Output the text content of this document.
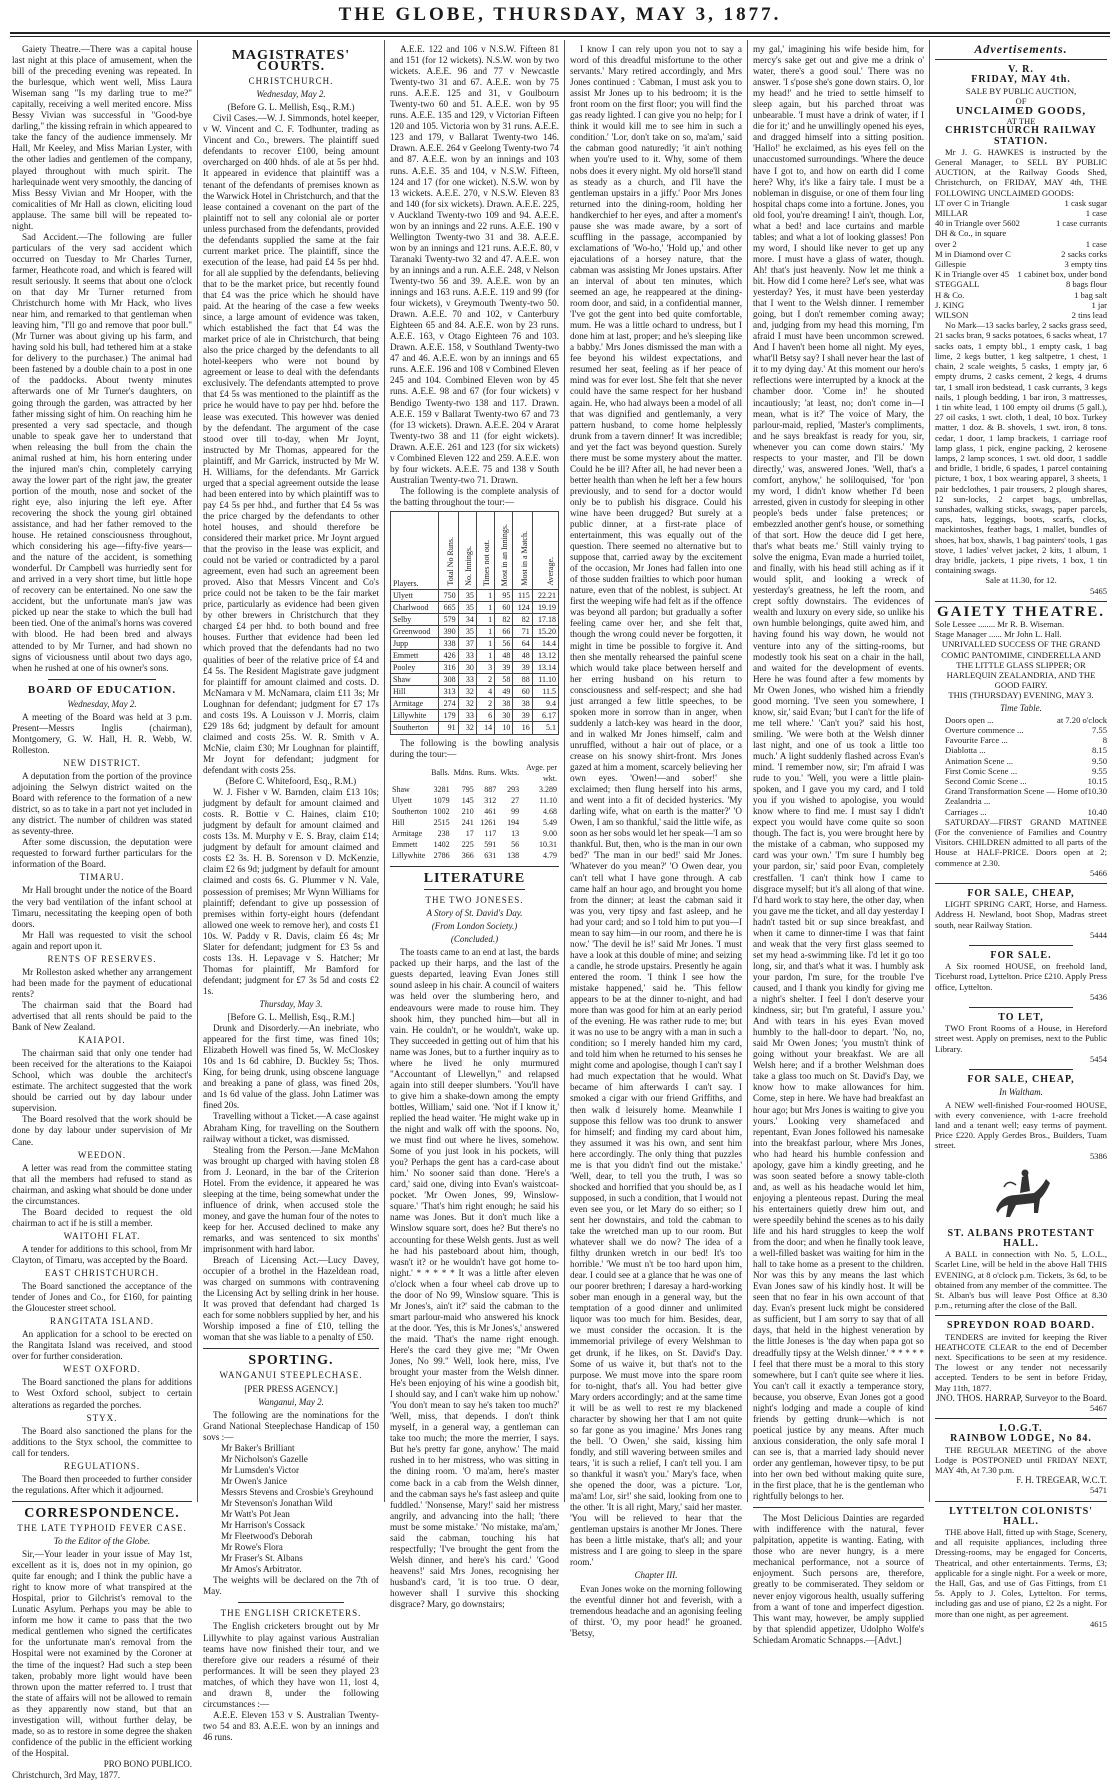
THE GLOBE, THURSDAY, MAY 3, 1877.

Gaiety Theatre.—There was a capital house last night at this place of amusement, when the bill of the preceding evening was repeated. In the burlesque, which went well, Miss Laura Wiseman sang "Is my darling true to me?" capitally, receiving a well merited encore. Miss Bessy Vivian was successful in "Good-bye darling," the kissing refrain in which appeared to take the fancy of the audience immensely. Mr Hall, Mr Keeley, and Miss Marian Lyster, with the other ladies and gentlemen of the company, played throughout with much spirit. The harlequinade went very smoothly, the dancing of Miss Bessy Vivian and Mr Hooper, with the comicalities of Mr Hall as clown, eliciting loud applause. The same bill will be repeated to-night.

Sad Accident.—The following are fuller particulars of the very sad accident which occurred on Tuesday to Mr Charles Turner, farmer, Heathcote road, and which is feared will result seriously. It seems that about one o'clock on that day Mr Turner returned from Christchurch home with Mr Hack, who lives near him, and remarked to that gentleman when leaving him, "I'll go and remove that poor bull." (Mr Turner was about giving up his farm, and having sold his bull, had tethered him at a stake for delivery to the purchaser.) The animal had been fastened by a double chain to a post in one of the paddocks. About twenty minutes afterwards one of Mr Turner's daughters, on going through the garden, was attracted by her father missing sight of him. On reaching him he presented a very sad spectacle, and though unable to speak gave her to understand that when releasing the bull from the chain the animal rushed at him, his horn entering under the injured man's chin, completely carrying away the lower part of the right jaw, the greater portion of the mouth, nose and socket of the right eye, also injuring the left eye. After recovering the shock the young girl obtained assistance, and had her father removed to the house. He retained consciousness throughout, which considering his age—fifty-five years—and the nature of the accident, is something wonderful. Dr Campbell was hurriedly sent for and arrived in a very short time, but little hope of recovery can be entertained. No one saw the accident, but the unfortunate man's jaw was picked up near the stake to which the bull had been tied. One of the animal's horns was covered with blood. He had been bred and always attended to by Mr Turner, and had shown no signs of viciousness until about two days ago, when he rushed at one of his owner's sons.

BOARD OF EDUCATION.
Wednesday, May 2.

A meeting of the Board was held at 3 p.m. Present—Messrs Inglis (chairman), Montgomery, G. W. Hall, H. R. Webb, W. Rolleston.

NEW DISTRICT.

A deputation from the portion of the province adjoining the Selwyn district waited on the Board with reference to the formation of a new district, so as to take in a part not yet included in any district. The number of children was stated as seventy-three.

After some discussion, the deputation were requested to forward further particulars for the information of the Board.

TIMARU.

Mr Hall brought under the notice of the Board the very bad ventilation of the infant school at Timaru, necessitating the keeping open of both doors.

Mr Hall was requested to visit the school again and report upon it.

RENTS OF RESERVES.

Mr Rolleston asked whether any arrangement had been made for the payment of educational rents?

The chairman said that the Board had advertised that all rents should be paid to the Bank of New Zealand.

KAIAPOI.

The chairman said that only one tender had been received for the alterations to the Kaiapoi School, which was double the architect's estimate. The architect suggested that the work should be carried out by day labour under supervision.

The Board resolved that the work should be done by day labour under supervision of Mr Cane.

WEEDON.

A letter was read from the committee stating that all the members had refused to stand as chairman, and asking what should be done under the circumstances.

The Board decided to request the old chairman to act if he is still a member.

WAITOHI FLAT.

A tender for additions to this school, from Mr Clayton, of Timaru, was accepted by the Board.

EAST CHRISTCHURCH.

The Board sanctioned the acceptance of the tender of Jones and Co., for £160, for painting the Gloucester street school.

RANGITATA ISLAND.

An application for a school to be erected on the Rangitata Island was received, and stood over for further consideration.

WEST OXFORD.

The Board sanctioned the plans for additions to West Oxford school, subject to certain alterations as regarded the porches.

STYX.

The Board also sanctioned the plans for the additions to the Styx school, the committee to call for tenders.

REGULATIONS.

The Board then proceeded to further consider the regulations. After which it adjourned.

CORRESPONDENCE.
THE LATE TYPHOID FEVER CASE.
To the Editor of the Globe.

Sir,—Your leader in your issue of May 1st, excellent as it is, does not in my opinion, go quite far enough; and I think the public have a right to know more of what transpired at the Hospital, prior to Gilchrist's removal to the Lunatic Asylum. Perhaps you may be able to inform me how it came to pass that the two medical gentlemen who signed the certificates for the unfortunate man's removal from the Hospital were not examined by the Coroner at the time of the inquest? Had such a step been taken, probably more light would have been thrown upon the matter referred to. I trust that the state of affairs will not be allowed to remain as they apparently now stand, but that an investigation will, without further delay, be made, so as to restore in some degree the shaken confidence of the public in the efficient working of the Hospital.

PRO BONO PUBLICO.

Christchurch, 3rd May, 1877.

MAGISTRATES' COURTS.
CHRISTCHURCH.
Wednesday, May 2.
(Before G. L. Mellish, Esq., R.M.)

Civil Cases.—W. J. Simmonds, hotel keeper, v W. Vincent and C. F. Todhunter, trading as Vincent and Co., brewers. The plaintiff sued defendants to recover £100, being amount overcharged on 400 hhds. of ale at 5s per hhd. It appeared in evidence that plaintiff was a tenant of the defendants of premises known as the Warwick Hotel in Christchurch, and that the lease contained a covenant on the part of the plaintiff not to sell any colonial ale or porter unless purchased from the defendants, provided the defendants supplied the same at the fair current market price. The plaintiff, since the execution of the lease, had paid £4 5s per hhd. for all ale supplied by the defendants, believing that to be the market price, but recently found that £4 was the price which he should have paid. At the hearing of the case a few weeks since, a large amount of evidence was taken, which established the fact that £4 was the market price of ale in Christchurch, that being also the price charged by the defendants to all hotel-keepers who were not bound by agreement or lease to deal with the defendants exclusively. The defendants attempted to prove that £4 5s was mentioned to the plaintiff as the price he would have to pay per hhd. before the lease was executed. This however was denied by the defendant. The argument of the case stood over till to-day, when Mr Joynt, instructed by Mr Thomas, appeared for the plaintiff, and Mr Garrick, instructed by Mr W. H. Williams, for the defendants. Mr Garrick urged that a special agreement outside the lease had been entered into by which plaintiff was to pay £4 5s per hhd., and further that £4 5s was the price charged by the defendants to other hotel houses, and should therefore be considered their market price. Mr Joynt argued that the proviso in the lease was explicit, and could not be varied or contradicted by a parol agreement, even had such an agreement been proved. Also that Messrs Vincent and Co's price could not be taken to be the fair market price, particularly as evidence had been given by other brewers in Christchurch that they charged £4 per hhd. to both bound and free houses. Further that evidence had been led which proved that the defendants had no two qualities of beer of the relative price of £4 and £4 5s. The Resident Magistrate gave judgment for plaintiff for amount claimed and costs. D. McNamara v M. McNamara, claim £11 3s; Mr Loughnan for defendant; judgment for £7 17s and costs 19s. A Louisson v J. Morris, claim £29 18s 6d; judgment by default for amount claimed and costs 25s. W. R. Smith v A. McNie, claim £30; Mr Loughnan for plaintiff, Mr Joynt for defendant; judgment for defendant with costs 25s.

(Before C. Whitefoord, Esq., R.M.)

W. J. Fisher v W. Barnden, claim £13 10s; judgment by default for amount claimed and costs. R. Bottie v C. Haines, claim £10; judgment by default for amount claimed and costs 13s. M. Murphy v E. S. Bray, claim £14; judgment by default for amount claimed and costs £2 3s. H. B. Sorenson v D. McKenzie, claim £2 6s 9d; judgment by default for amount claimed and costs 6s. G. Plummer v N. Vale, possession of premises; Mr Wynn Williams for plaintiff; defendant to give up possession of premises within forty-eight hours (defendant allowed one week to remove her), and costs £1 10s. W. Paddy v R. Davis, claim £6 4s; Mr Slater for defendant; judgment for £3 5s and costs 13s. H. Lepavage v S. Hatcher; Mr Thomas for plaintiff, Mr Bamford for defendant; judgment for £7 3s 5d and costs £2 1s.

Thursday, May 3.
[Before G. L. Mellish, Esq., R.M.]

Drunk and Disorderly.—An inebriate, who appeared for the first time, was fined 10s; Elizabeth Howell was fined 5s, W. McCloskey 10s and 1s 6d cabhire, D. Buckley 5s; Thos. King, for being drunk, using obscene language and breaking a pane of glass, was fined 20s, and 1s 6d value of the glass. John Latimer was fined 20s.

Travelling without a Ticket.—A case against Abraham King, for travelling on the Southern railway without a ticket, was dismissed.

Stealing from the Person.—Jane McMahon was brought up charged with having stolen £8 from J. Leonard, in the bar of the Criterion Hotel. From the evidence, it appeared he was sleeping at the time, being somewhat under the influence of drink, when accused stole the money, and gave the human four of the notes to keep for her. Accused declined to make any remarks, and was sentenced to six months' imprisonment with hard labor.

Breach of Licensing Act.—Lucy Davey, occupier of a brothel in the Hazeldean road, was charged on summons with contravening the Licensing Act by selling drink in her house. It was proved that defendant had charged 1s each for some nobblers supplied by her, and his Worship imposed a fine of £10, telling the woman that she was liable to a penalty of £50.

SPORTING.
WANGANUI STEEPLECHASE.
[PER PRESS AGENCY.]
Wanganui, May 2.

The following are the nominations for the Grand National Steeplechase Handicap of 150 sovs :—

Mr Baker's Brilliant
Mr Nicholson's Gazelle
Mr Lumsden's Victor
Mr Owen's Janice
Messrs Stevens and Crosbie's Greyhound
Mr Stevenson's Jonathan Wild
Mr Watt's Pot Jean
Mr Harrison's Cossack
Mr Fleetwood's Deborah
Mr Rowe's Flora
Mr Fraser's St. Albans
Mr Amos's Arbitrator.

The weights will be declared on the 7th of May.

THE ENGLISH CRICKETERS.

The English cricketers brought out by Mr Lillywhite to play against various Australian teams have now finished their tour, and we therefore give our readers a résumé of their performances. It will be seen they played 23 matches, of which they have won 11, lost 4, and drawn 8, under the following circumstances :—

A.E.E. Eleven 153 v S. Australian Twenty-two 54 and 83. A.E.E. won by an innings and 46 runs.

A.E.E. 122 and 106 v N.S.W. Fifteen 81 and 151 (for 12 wickets). N.S.W. won by two wickets. A.E.E. 96 and 77 v Newcastle Twenty-two 31 and 67. A.E.E. won by 75 runs. A.E.E. 125 and 31, v Goulbourn Twenty-two 60 and 51. A.E.E. won by 95 runs. A.E.E. 135 and 129, v Victorian Fifteen 120 and 105. Victoria won by 31 runs. A.E.E. 123 and 179, v Ballarat Twenty-two 146. Drawn. A.E.E. 264 v Geelong Twenty-two 74 and 87. A.E.E. won by an innings and 103 runs. A.E.E. 35 and 104, v N.S.W. Fifteen, 124 and 17 (for one wicket). N.S.W. won by 13 wickets. A.E.E. 270, v N.S.W. Eleven 83 and 140 (for six wickets). Drawn. A.E.E. 225, v Auckland Twenty-two 109 and 94. A.E.E. won by an innings and 22 runs. A.E.E. 190 v Wellington Twenty-two 31 and 38. A.E.E. won by an innings and 121 runs. A.E.E. 80, v Taranaki Twenty-two 32 and 47. A.E.E. won by an innings and a run. A.E.E. 248, v Nelson Twenty-two 56 and 39. A.E.E. won by an innings and 163 runs. A.E.E. 119 and 99 (for four wickets), v Greymouth Twenty-two 50. Drawn. A.E.E. 70 and 102, v Canterbury Eighteen 65 and 84. A.E.E. won by 23 runs. A.E.E. 163, v Otago Eighteen 76 and 103. Drawn. A.E.E. 158, v Southland Twenty-two 47 and 46. A.E.E. won by an innings and 65 runs. A.E.E. 196 and 108 v Combined Eleven 245 and 104. Combined Eleven won by 45 runs. A.E.E. 98 and 67 (for four wickets) v Bendigo Twenty-two 138 and 117. Drawn. A.E.E. 159 v Ballarat Twenty-two 67 and 73 (for 13 wickets). Drawn. A.E.E. 204 v Ararat Twenty-two 38 and 11 (for eight wickets). Drawn. A.E.E. 261 and 123 (for six wickets) v Combined Eleven 122 and 259. A.E.E. won by four wickets. A.E.E. 75 and 138 v South Australian Twenty-two 71. Drawn.

The following is the complete analysis of the batting throughout the tour:—

Players.	Total No Runs.	No. Innings.	Times not out.	Most in an Innings.	Most in a Match.	Average.
Ulyett	750	35	1	95	115	22.21
Charlwood	665	35	1	60	124	19.19
Selby	579	34	1	82	82	17.18
Greenwood	390	35	1	66	71	15.20
Jupp	338	37	1	56	64	14.4
Emmett	426	33	1	48	48	13.12
Pooley	316	30	3	39	39	13.14
Shaw	308	33	2	58	88	11.10
Hill	313	32	4	49	60	11.5
Armitage	274	32	2	38	38	9.4
Lillywhite	179	33	6	30	39	6.17
Southerton	91	32	14	10	16	5.1

The following is the bowling analysis during the tour:—

	Balls.	Mdns.	Runs.	Wkts.	Avge. per wkt.
Shaw	3281	795	887	293	3.289
Ulyett	1079	145	312	27	11.10
Southerton	1002	210	461	99	4.68
Hill	2515	241	1261	194	5.49
Armitage	238	17	117	13	9.00
Emmett	1402	225	591	56	10.31
Lillywhite	2786	366	631	138	4.79
LITERATURE
THE TWO JONESES.
A Story of St. David's Day.
(From London Society.)
(Concluded.)

The toasts came to an end at last, the bards packed up their harps, and the last of the guests departed, leaving Evan Jones still sound asleep in his chair. A council of waiters was held over the slumbering hero, and endeavours were made to rouse him. They shook him, they punched him—but all in vain. He couldn't, or he wouldn't, wake up. They succeeded in getting out of him that his name was Jones, but to a further inquiry as to where he lived he only murmured "Accountant of Llewellyn," and relapsed again into still deeper slumbers. 'You'll have to give him a shake-down among the empty bottles, William,' said one. 'Not if I know it,' replied the head waiter. 'He might wake up in the night and walk off with the spoons. No, we must find out where he lives, somehow. Some of you just look in his pockets, will you? Perhaps the gent has a card-case about him.' No sooner said than done. 'Here's a card,' said one, diving into Evan's waistcoat-pocket. 'Mr Owen Jones, 99, Winslow-square.' 'That's him right enough; he said his name was Jones. But it don't much like a Winslow square sort, does he? But there's no accounting for these Welsh gents. Just as well he had his pasteboard about him, though, wasn't it? or he wouldn't have got home to-night.' * * * * * It was a little after eleven o'clock when a four wheel cab drove up to the door of No 99, Winslow square. 'This is Mr Jones's, ain't it?' said the cabman to the smart parlour-maid who answered his knock at the door. 'Yes, this is Mr Jones's,' answered the maid. 'That's the name right enough. Here's the card they give me; "Mr Owen Jones, No 99." Well, look here, miss, I've brought your master from the Welsh dinner. He's been enjoying of his wine a goodish bit, I should say, and I can't wake him up nohow.' 'You don't mean to say he's taken too much?' 'Well, miss, that depends. I don't think myself, in a general way, a gentleman can take too much; the more the merrier, I says. But he's pretty far gone, anyhow.' The maid rushed in to her mistress, who was sitting in the dining room. 'O ma'am, here's master come back in a cab from the Welsh dinner, and the cabman says he's fast asleep and quite fuddled.' 'Nonsense, Mary!' said her mistress angrily, and advancing into the hall; 'there must be some mistake.' 'No mistake, ma'am,' said the cabman, touching his hat respectfully; 'I've brought the gent from the Welsh dinner, and here's his card.' 'Good heavens!' said Mrs Jones, recognising her husband's card, 'it is too true. O dear, however shall I survive this shocking disgrace? Mary, go downstairs;

I know I can rely upon you not to say a word of this dreadful misfortune to the other servants.' Mary retired accordingly, and Mrs Jones continued : 'Cabman, I must ask you to assist Mr Jones up to his bedroom; it is the front room on the first floor; you will find the gas ready lighted. I can give you no help; for I think it would kill me to see him in such a condition.' 'Lor, don't take on so, ma'am,' said the cabman good naturedly; 'it ain't nothing when you're used to it. Why, some of them nobs does it every night. My old horse'll stand as steady as a church, and I'll have the gentleman upstairs in a jiffy.' Poor Mrs Jones returned into the dining-room, holding her handkerchief to her eyes, and after a moment's pause she was made aware, by a sort of scuffling in the passage, accompanied by exclamations of 'Wo-ho,' 'Hold up,' and other ejaculations of a horsey nature, that the cabman was assisting Mr Jones upstairs. After an interval of about ten minutes, which seemed an age, he reappeared at the dining-room door, and said, in a confidential manner, 'I've got the gent into bed quite comfortable, mum. He was a little ochard to undress, but I done him at last, proper; and he's sleeping like a babby.' Mrs Jones dismissed the man with a fee beyond his wildest expectations, and resumed her seat, feeling as if her peace of mind was for ever lost. She felt that she never could have the same respect for her husband again. He, who had always been a model of all that was dignified and gentlemanly, a very pattern husband, to come home helplessly drunk from a tavern dinner! It was incredible; and yet the fact was beyond question. Surely there must be some mystery about the matter. Could he be ill? After all, he had never been a better health than when he left her a few hours previously, and to send for a doctor would only be to publish his disgrace. Could his wine have been drugged? But surely at a public dinner, at a first-rate place of entertainment, this was equally out of the question. There seemed no alternative but to suppose that, carried away by the excitement of the occasion, Mr Jones had fallen into one of those sudden frailties to which poor human nature, even that of the noblest, is subject. At first the weeping wife had felt as if the offence was beyond all pardon; but gradually a softer feeling came over her, and she felt that, though the wrong could never be forgotten, it might in time be possible to forgive it. And then she mentally rehearsed the painful scene which would take place between herself and her erring husband on his return to consciousness and self-respect; and she had just arranged a few little speeches, to be spoken more in sorrow than in anger, when suddenly a latch-key was heard in the door, and in walked Mr Jones himself, calm and unruffled, without a hair out of place, or a crease on his snowy shirt-front. Mrs Jones gazed at him a moment, scarcely believing her own eyes. 'Owen!—and sober!' she exclaimed; then flung herself into his arms, and went into a fit of decided hysterics. 'My darling wife, what on earth is the matter?' 'O Owen, I am so thankful,' said the little wife, as soon as her sobs would let her speak—'I am so thankful. But, then, who is the man in our own bed?' 'The man in our bed!' said Mr Jones. 'Whatever do you mean?' 'O Owen dear, you can't tell what I have gone through. A cab came half an hour ago, and brought you home from the dinner; at least the cabman said it was you, very tipsy and fast asleep, and he had your card; and so I told him to put you—I mean to say him—in our room, and there he is now.' 'The devil he is!' said Mr Jones. 'I must have a look at this double of mine; and seizing a candle, he strode upstairs. Presently he again entered the room. 'I think I see how the mistake happened,' said he. 'This fellow appears to be at the dinner to-night, and had more than was good for him at an early period of the evening. He was rather rude to me; but it was no use to be angry with a man in such a condition; so I merely handed him my card, and told him when he returned to his senses he might come and apologise, though I can't say I had much expectation that he would. What became of him afterwards I can't say. I smoked a cigar with our friend Griffiths, and then walk d leisurely home. Meanwhile I suppose this fellow was too drunk to answer for himself; and finding my card about him, they assumed it was his own, and sent him here accordingly. The only thing that puzzles me is that you didn't find out the mistake.' 'Well, dear, to tell you the truth, I was so shocked and horrified that you should be, as I supposed, in such a condition, that I would not even see you, or let Mary do so either; so I sent her downstairs, and told the cabman to take the wretched man up to our room. But whatever shall we do now? The idea of a filthy drunken wretch in our bed! It's too horrible.' 'We must n't be too hard upon him, dear. I could see at a glance that he was one of our poorer brethren; I daresay a hard-working sober man enough in a general way, but the temptation of a good dinner and unlimited liquor was too much for him. Besides, dear, we must consider the occasion. It is the immemorial privilege of every Welshman to get drunk, if he likes, on St. David's Day. Some of us waive it, but that's not to the purpose. We must move into the spare room for to-night, that's all. You had better give Mary orders accordingly; and at the same time it will be as well to rest re my blackened character by showing her that I am not quite so far gone as you imagine.' Mrs Jones rang the bell. 'O Owen,' she said, kissing him fondly, and still wavering between smiles and tears, 'it is such a relief, I can't tell you. I am so thankful it wasn't you.' Mary's face, when she opened the door, was a picture. 'Lor, ma'am! Lor, sir!' she said, looking from one to the other. 'It is all right, Mary,' said her master. 'You will be relieved to hear that the gentleman upstairs is another Mr Jones. There has been a little mistake, that's all; and your mistress and I are going to sleep in the spare room.'

Chapter III.

Evan Jones woke on the morning following the eventful dinner hot and feverish, with a tremendous headache and an agonising feeling of thirst. 'O, my poor head!' he groaned. 'Betsy,

my gal,' imagining his wife beside him, for mercy's sake get out and give me a drink o' water, there's a good soul.' There was no answer. 'I s'pose she's gone down stairs. O, lor my head!' and he tried to settle himself to sleep again, but his parched throat was unbearable. 'I must have a drink of water, if I die for it;' and he unwillingly opened his eyes, and dragged himself into a sitting position. 'Hallo!' he exclaimed, as his eyes fell on the unaccustomed surroundings. 'Where the deuce have I got to, and how on earth did I come here? Why, it's like a fairy tale. I must be a nobleman in disguise, or one of them four ling hospital chaps come into a fortune. Jones, you old fool, you're dreaming! I ain't, though. Lor, what a bed! and lace curtains and marble tables; and what a lot of looking glasses! Pon my word, I should like never to get up any more. I must have a glass of water, though. Ah! that's just heavenly. Now let me think a bit. How did I come here? Let's see, what was yesterday? Yes, it must have been yesterday that I went to the Welsh dinner. I remember going, but I don't remember coming away; and, judging from my head this morning, I'm afraid I must have been uncommon screwed. And I haven't been home all night. My eyes, what'll Betsy say? I shall never hear the last of it to my dying day.' At this moment our hero's reflections were interrupted by a knock at the chamber door. 'Come in!' he shouted incautiously; 'at least, no; don't come in—I mean, what is it?' The voice of Mary, the parlour-maid, replied, 'Master's compliments, and he says breakfast is ready for you, sir, whenever you can come down stairs.' 'My respects to your master, and I'll be down directly,' was, answered Jones. 'Well, that's a comfort, anyhow,' he soliloquised, 'for 'pon my word, I didn't know whether I'd been arrested, given in custody for sleeping in other people's beds under false pretences; or embezzled another gent's house, or something of that sort. How the deuce did I get here, that's what beats me.' Still vainly trying to solve the enigma, Evan made a hurried toilet, and finally, with his head still aching as if it would split, and looking a wreck of yesterday's greatness, he left the room, and crept softly downstairs. The evidences of wealth and luxury on every side, so unlike his own humble belongings, quite awed him, and having found his way down, he would not venture into any of the sitting-rooms, but modestly took his seat on a chair in the hall, and waited for the development of events. Here he was found after a few moments by Mr Owen Jones, who wished him a friendly good morning. 'I've seen you somewhere, I know, sir,' said Evan; 'but I can't for the life of me tell where.' 'Can't you?' said his host, smiling. 'We were both at the Welsh dinner last night, and one of us took a little too much.' A light suddenly flashed across Evan's mind. 'I remember now, sir; I'm afraid I was rude to you.' 'Well, you were a little plain-spoken, and I gave you my card, and I told you if you wished to apologise, you would know where to find me. I must say I didn't expect you would have come quite so soon though. The fact is, you were brought here by the mistake of a cabman, who supposed my card was your own.' 'I'm sure I humbly beg your pardon, sir,' said poor Evan, completely crestfallen. 'I can't think how I came to disgrace myself; but it's all along of that wine. I'd hard work to stay here, the other day, when you gave me the ticket, and all day yesterday I hadn't tasted bit or sup since breakfast, and when it came to dinner-time I was that faint and weak that the very first glass seemed to set my head a-swimming like. I'd let it go too long, sir, and that's what it was. I humbly ask your pardon, I'm sure, for the trouble I've caused, and I thank you kindly for giving me a night's shelter. I feel I don't deserve your kindness, sir; but I'm grateful, I assure you.' And with tears in his eyes Evan moved humbly to the hall-door to depart. 'No, no, said Mr Owen Jones; 'you mustn't think of going without your breakfast. We are all Welsh here; and if a brother Welshman does take a glass too much on St. David's Day, we know how to make allowances for him. Come, step in here. We have had breakfast an hour ago; but Mrs Jones is waiting to give you yours.' Looking very shamefaced and repentant, Evan Jones followed his namesake into the breakfast parlour, where Mrs Jones, who had heard his humble confession and apology, gave him a kindly greeting, and he was soon seated before a snowy table-cloth and, as well as his headache would let him, enjoying a plenteous repast. During the meal his entertainers quietly drew him out, and were speedily behind the scenes as to his daily life and his hard struggles to keep the wolf from the door; and when he finally took leave, a well-filled basket was waiting for him in the hall to take home as a present to the children. Nor was this by any means the last which Evan Jones saw of his kindly host. It will be seen that no fear in his own account of that day. Evan's present luck might be considered as sufficient, but I am sorry to say that of all days, that held in the highest veneration by the little Joneses is 'the day when papa got so dreadfully tipsy at the Welsh dinner.' * * * * * I feel that there must be a moral to this story somewhere, but I can't quite see where it lies. You can't call it exactly a temperance story, because, you observe, Evan Jones got a good night's lodging and made a couple of kind friends by getting drunk—which is not poetical justice by any means. After much anxious consideration, the only safe moral I can see is, that a married lady should never order any gentleman, however tipsy, to be put into her own bed without making quite sure, in the first place, that he is the gentleman who rightfully belongs to her.

The Most Delicious Dainties are regarded with indifference with the natural, fever palpitation, appetite is wanting. Eating, with those who are never hungry, is a mere mechanical performance, not a source of enjoyment. Such persons are, therefore, greatly to be commiserated. They seldom or never enjoy vigorous health, usually suffering from a want of tone and imperfect digestion. This want may, however, be amply supplied by that splendid appetizer, Udolpho Wolfe's Schiedam Aromatic Schnapps.—[Advt.]

Advertisements.
V. R.
FRIDAY, MAY 4th.
SALE BY PUBLIC AUCTION,
OF
UNCLAIMED GOODS,
AT THE
CHRISTCHURCH RAILWAY STATION.

Mr J. G. HAWKES is instructed by the General Manager, to SELL BY PUBLIC AUCTION, at the Railway Goods Shed, Christchurch, on FRIDAY, MAY 4th, THE FOLLOWING UNCLAIMED GOODS:

LT over C in Triangle	1 cask sugar
MILLAR	1 case
40 in Triangle over 5602	1 case currants
DH & Co., in square
over 2	1 case
M in Diamond over C	2 sacks corks
Gillespie	3 empty tins
K in Triangle over 45 1 cabinet box, under bond
STEGGALL	8 bags flour
H & Co.	1 bag salt
J. KING	1 jar
WILSON	2 tins lead

No Mark—13 sacks barley, 2 sacks grass seed, 21 sacks bran, 9 sacks potatoes, 6 sacks wheat, 17 sacks oats, 1 empty bbl., 1 empty cask, 1 bag lime, 2 kegs butter, 1 keg saltpetre, 1 chest, 1 chain, 2 scale weights, 5 casks, 1 empty jar, 6 empty drums, 2 casks cement, 2 kegs, 4 drums tar, 1 small iron bedstead, 1 cask currants, 3 kegs nails, 1 plough bedding, 1 bar iron, 3 mattresses, 1 tin white lead, 1 100 empty oil drums (5 gall.), 27 oil casks, 1 swt. cloth, 1 deal, 10 box. Turkey matter, 1 doz. & B. shovels, 1 swt. iron, 8 tons. cedar, 1 door, 1 lamp brackets, 1 carriage roof lamp glass, 1 pick, engine packing, 2 kerosene lamps, 2 lamp sconces, 1 swt. old door, 1 saddle and bridle, 1 bridle, 6 spades, 1 parcel containing picture, 1 box, 1 box wearing apparel, 3 sheets, 1 pair bedclothes, 1 pair trousers, 2 plough shares, 12 sun-locks, 2 carpet bags, umbrellas, sunshades, walking sticks, swags, paper parcels, caps, hats, leggings, boots, scarfs, clocks, mackintoshes, feather bags, 1 mallet, bundles of shoes, hat box, shawls, 1 bag painters' tools, 1 gas stove, 1 ladies' velvet jacket, 2 kits, 1 album, 1 dray bridle, jackets, 1 pipe rivets, 1 box, 1 tin containing swags.

Sale at 11.30, for 12.
5465
GAIETY THEATRE.
Sole Lessee ........ Mr R. B. Wiseman.
Stage Manager ...... Mr John L. Hall.
UNRIVALLED SUCCESS OF THE GRAND COMIC PANTOMIME, CINDERELLA AND THE LITTLE GLASS SLIPPER; OR HARLEQUIN ZEALANDRIA, AND THE GOOD FAIRY.
THIS (THURSDAY) EVENING, MAY 3.
Time Table.
Doors open ...	at 7.20 o'clock
Overture commence ...	7.55
Favourite Farce ...	8
Diablotta ...	8.15
Animation Scene ...	9.50
First Comic Scene ...	9.55
Second Comic Scene ...	10.15
Grand Transformation Scene — Home of Zealandria ...
10.30
Carriages ...	10.40

SATURDAY—FIRST GRAND MATINEE (For the convenience of Families and Country Visitors. CHILDREN admitted to all parts of the House at HALF-PRICE. Doors open at 2; commence at 2.30.

5466
FOR SALE, CHEAP,

LIGHT SPRING CART, Horse, and Harness. Address H. Newland, boot Shop, Madras street south, near Railway Station.

5444
FOR SALE.

A Six roomed HOUSE, on freehold land, Ticehurst road, Lyttelton. Price £210. Apply Press office, Lyttelton.

5436
TO LET,

TWO Front Rooms of a House, in Hereford street west. Apply on premises, next to the Public Library.

5454
FOR SALE, CHEAP,
In Waltham.

A NEW well-finished Four-roomed HOUSE, with every convenience, with 1-acre freehold land and a tenant well; easy terms of payment. Price £220. Apply Gerdes Bros., Builders, Tuam street.

5386
ST. ALBANS PROTESTANT HALL.

A BALL in connection with No. 5, L.O.L., Scarlet Line, will be held in the above Hall THIS EVENING, at 8 o'clock p.m. Tickets, 3s 6d, to be obtained from any member of the committee. The St. Alban's bus will leave Post Office at 8.30 p.m., returning after the close of the Ball.

SPREYDON ROAD BOARD.

TENDERS are invited for keeping the River HEATHCOTE CLEAR to the end of December next. Specifications to be seen at my residence. The lowest or any tender not necessarily accepted. Tenders to be sent in before Friday, May 11th, 1877.

JNO. THOS. HARRAP, Surveyor to the Board.
5467
I.O.G.T.
RAINBOW LODGE, No 84.

THE REGULAR MEETING of the above Lodge is POSTPONED until FRIDAY NEXT, MAY 4th, At 7.30 p.m.

F. H. TREGEAR, W.C.T.
5471
LYTTELTON COLONISTS' HALL.

THE above Hall, fitted up with Stage, Scenery, and all requisite appliances, including three Dressing-rooms, may be engaged for Concerts, Theatrical, and other entertainments. Terms, £3; applicable for a single night. For a week or more, the Hall, Gas, and use of Gas Fittings, from £1 5s. Apply to J. Coles, Lyttelton. For terms, including gas and use of piano, £2 2s a night. For more than one night, as per agreement.

4615
